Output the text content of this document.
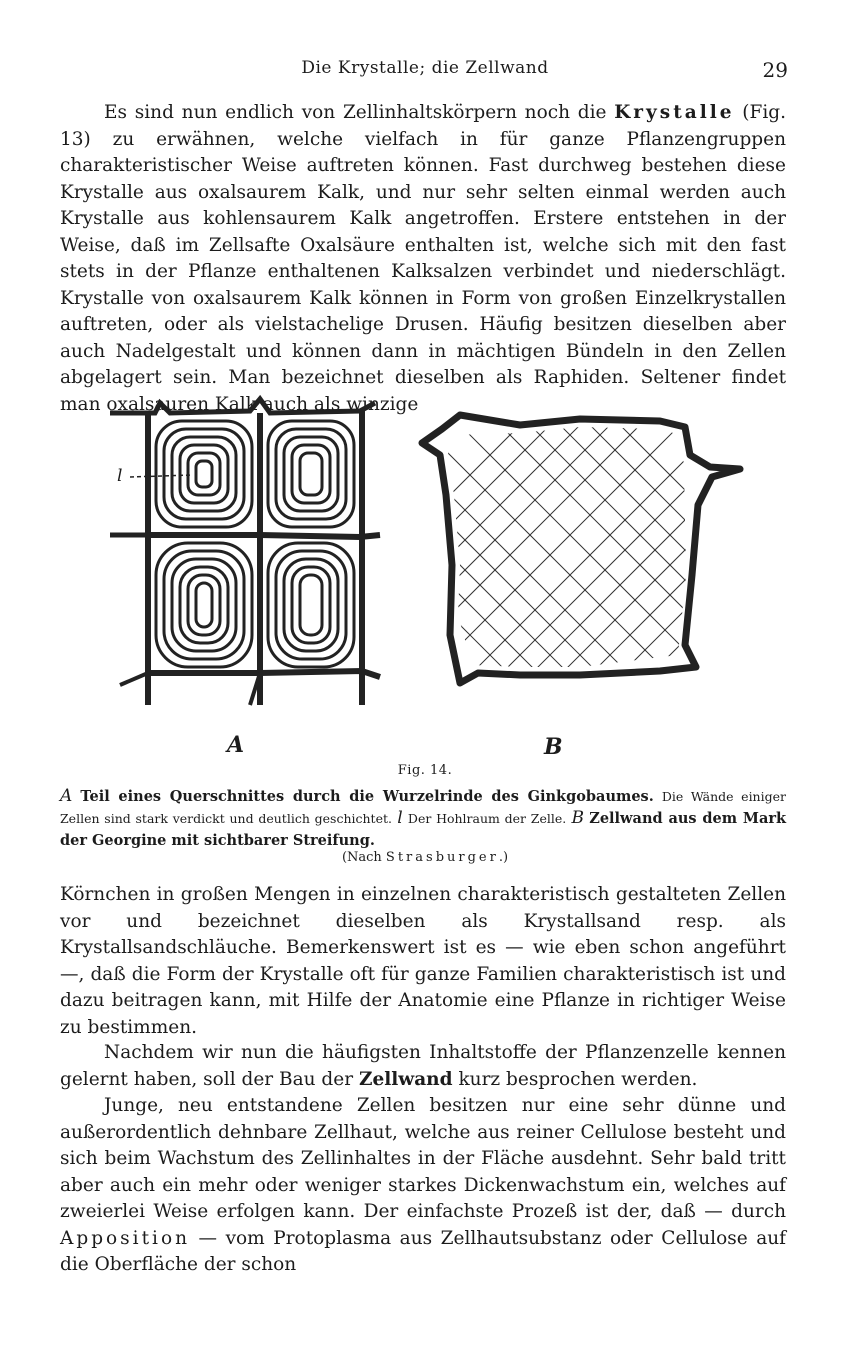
Die Krystalle; die Zellwand	29
Es sind nun endlich von Zellinhaltskörpern noch die Krystalle (Fig. 13) zu erwähnen, welche vielfach in für ganze Pflanzengruppen charakteristischer Weise auftreten können. Fast durchweg bestehen diese Krystalle aus oxalsaurem Kalk, und nur sehr selten einmal werden auch Krystalle aus kohlensaurem Kalk angetroffen. Erstere entstehen in der Weise, daß im Zellsafte Oxalsäure enthalten ist, welche sich mit den fast stets in der Pflanze enthaltenen Kalksalzen verbindet und niederschlägt. Krystalle von oxalsaurem Kalk können in Form von großen Einzelkrystallen auftreten, oder als vielstachelige Drusen. Häufig besitzen dieselben aber auch Nadelgestalt und können dann in mächtigen Bündeln in den Zellen abgelagert sein. Man bezeichnet dieselben als Raphiden. Seltener findet man oxalsauren Kalk auch als winzige
l
A	B
Fig. 14.
A Teil eines Querschnittes durch die Wurzelrinde des Ginkgobaumes. Die Wände einiger Zellen sind stark verdickt und deutlich geschichtet. l Der Hohlraum der Zelle. B Zellwand aus dem Mark der Georgine mit sichtbarer Streifung.
(Nach Strasburger.)
Körnchen in großen Mengen in einzelnen charakteristisch gestalteten Zellen vor und bezeichnet dieselben als Krystallsand resp. als Krystallsandschläuche. Bemerkenswert ist es — wie eben schon angeführt —, daß die Form der Krystalle oft für ganze Familien charakteristisch ist und dazu beitragen kann, mit Hilfe der Anatomie eine Pflanze in richtiger Weise zu bestimmen.
Nachdem wir nun die häufigsten Inhaltstoffe der Pflanzenzelle kennen gelernt haben, soll der Bau der Zellwand kurz besprochen werden.
Junge, neu entstandene Zellen besitzen nur eine sehr dünne und außerordentlich dehnbare Zellhaut, welche aus reiner Cellulose besteht und sich beim Wachstum des Zellinhaltes in der Fläche ausdehnt. Sehr bald tritt aber auch ein mehr oder weniger starkes Dickenwachstum ein, welches auf zweierlei Weise erfolgen kann. Der einfachste Prozeß ist der, daß — durch Apposition — vom Protoplasma aus Zellhautsubstanz oder Cellulose auf die Oberfläche der schon
